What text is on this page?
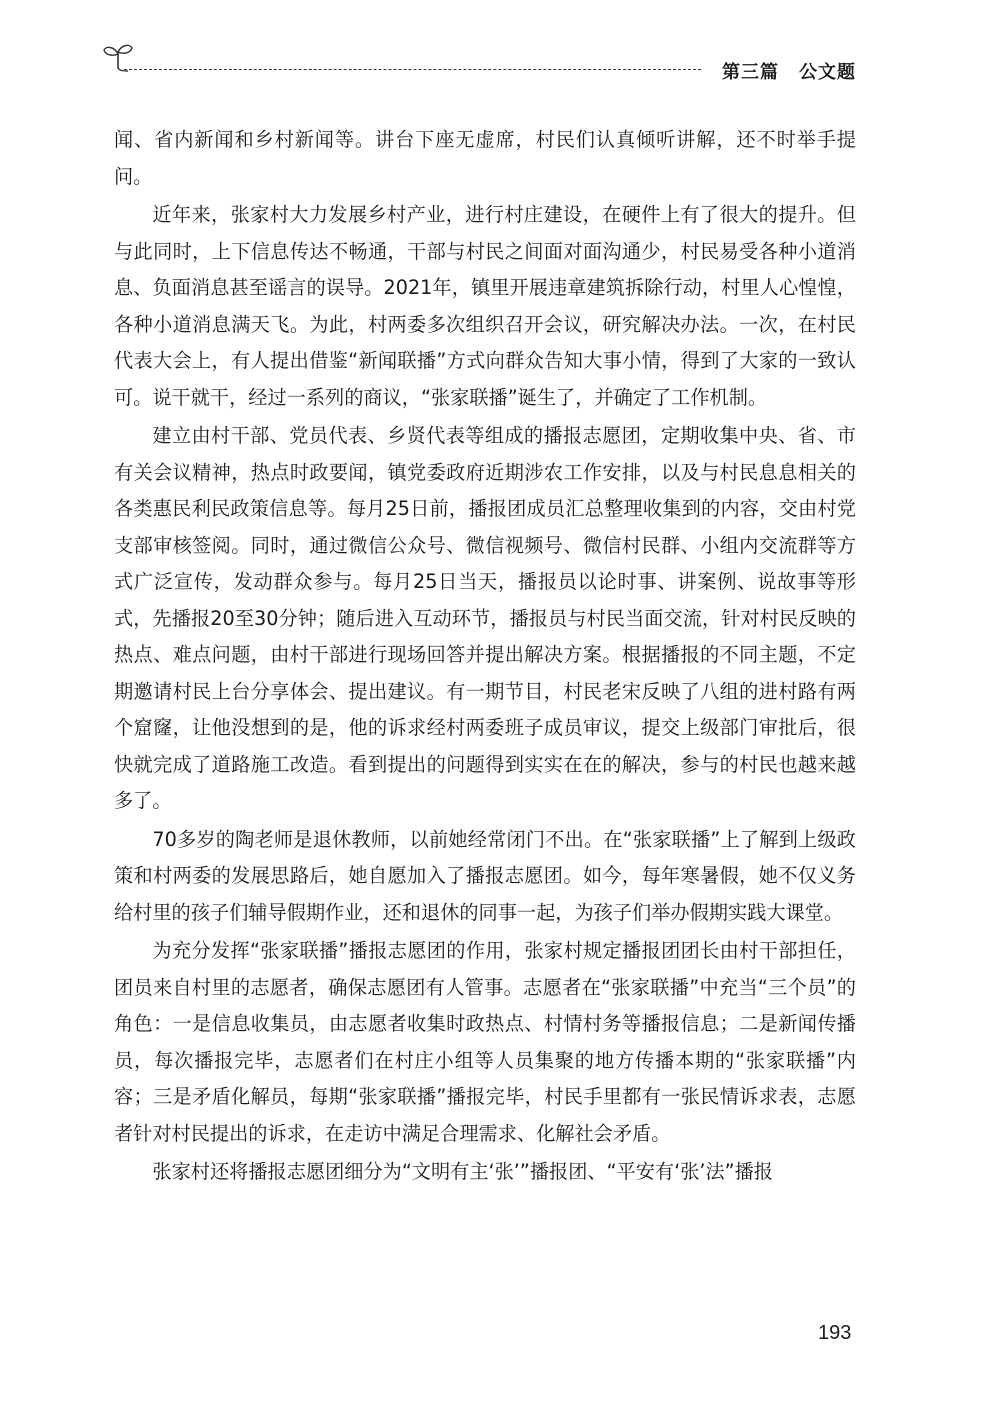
第三篇 公文题

闻、省内新闻和乡村新闻等。讲台下座无虚席，村民们认真倾听讲解，还不时举手提问。

近年来，张家村大力发展乡村产业，进行村庄建设，在硬件上有了很大的提升。但与此同时，上下信息传达不畅通，干部与村民之间面对面沟通少，村民易受各种小道消息、负面消息甚至谣言的误导。2021年，镇里开展违章建筑拆除行动，村里人心惶惶，各种小道消息满天飞。为此，村两委多次组织召开会议，研究解决办法。一次，在村民代表大会上，有人提出借鉴“新闻联播”方式向群众告知大事小情，得到了大家的一致认可。说干就干，经过一系列的商议，“张家联播”诞生了，并确定了工作机制。

建立由村干部、党员代表、乡贤代表等组成的播报志愿团，定期收集中央、省、市有关会议精神，热点时政要闻，镇党委政府近期涉农工作安排，以及与村民息息相关的各类惠民利民政策信息等。每月25日前，播报团成员汇总整理收集到的内容，交由村党支部审核签阅。同时，通过微信公众号、微信视频号、微信村民群、小组内交流群等方式广泛宣传，发动群众参与。每月25日当天，播报员以论时事、讲案例、说故事等形式，先播报20至30分钟；随后进入互动环节，播报员与村民当面交流，针对村民反映的热点、难点问题，由村干部进行现场回答并提出解决方案。根据播报的不同主题，不定期邀请村民上台分享体会、提出建议。有一期节目，村民老宋反映了八组的进村路有两个窟窿，让他没想到的是，他的诉求经村两委班子成员审议，提交上级部门审批后，很快就完成了道路施工改造。看到提出的问题得到实实在在的解决，参与的村民也越来越多了。

70多岁的陶老师是退休教师，以前她经常闭门不出。在“张家联播”上了解到上级政策和村两委的发展思路后，她自愿加入了播报志愿团。如今，每年寒暑假，她不仅义务给村里的孩子们辅导假期作业，还和退休的同事一起，为孩子们举办假期实践大课堂。

为充分发挥“张家联播”播报志愿团的作用，张家村规定播报团团长由村干部担任，团员来自村里的志愿者，确保志愿团有人管事。志愿者在“张家联播”中充当“三个员”的角色：一是信息收集员，由志愿者收集时政热点、村情村务等播报信息；二是新闻传播员，每次播报完毕，志愿者们在村庄小组等人员集聚的地方传播本期的“张家联播”内容；三是矛盾化解员，每期“张家联播”播报完毕，村民手里都有一张民情诉求表，志愿者针对村民提出的诉求，在走访中满足合理需求、化解社会矛盾。

张家村还将播报志愿团细分为“文明有主‘张’”播报团、“平安有‘张’法”播报

193
